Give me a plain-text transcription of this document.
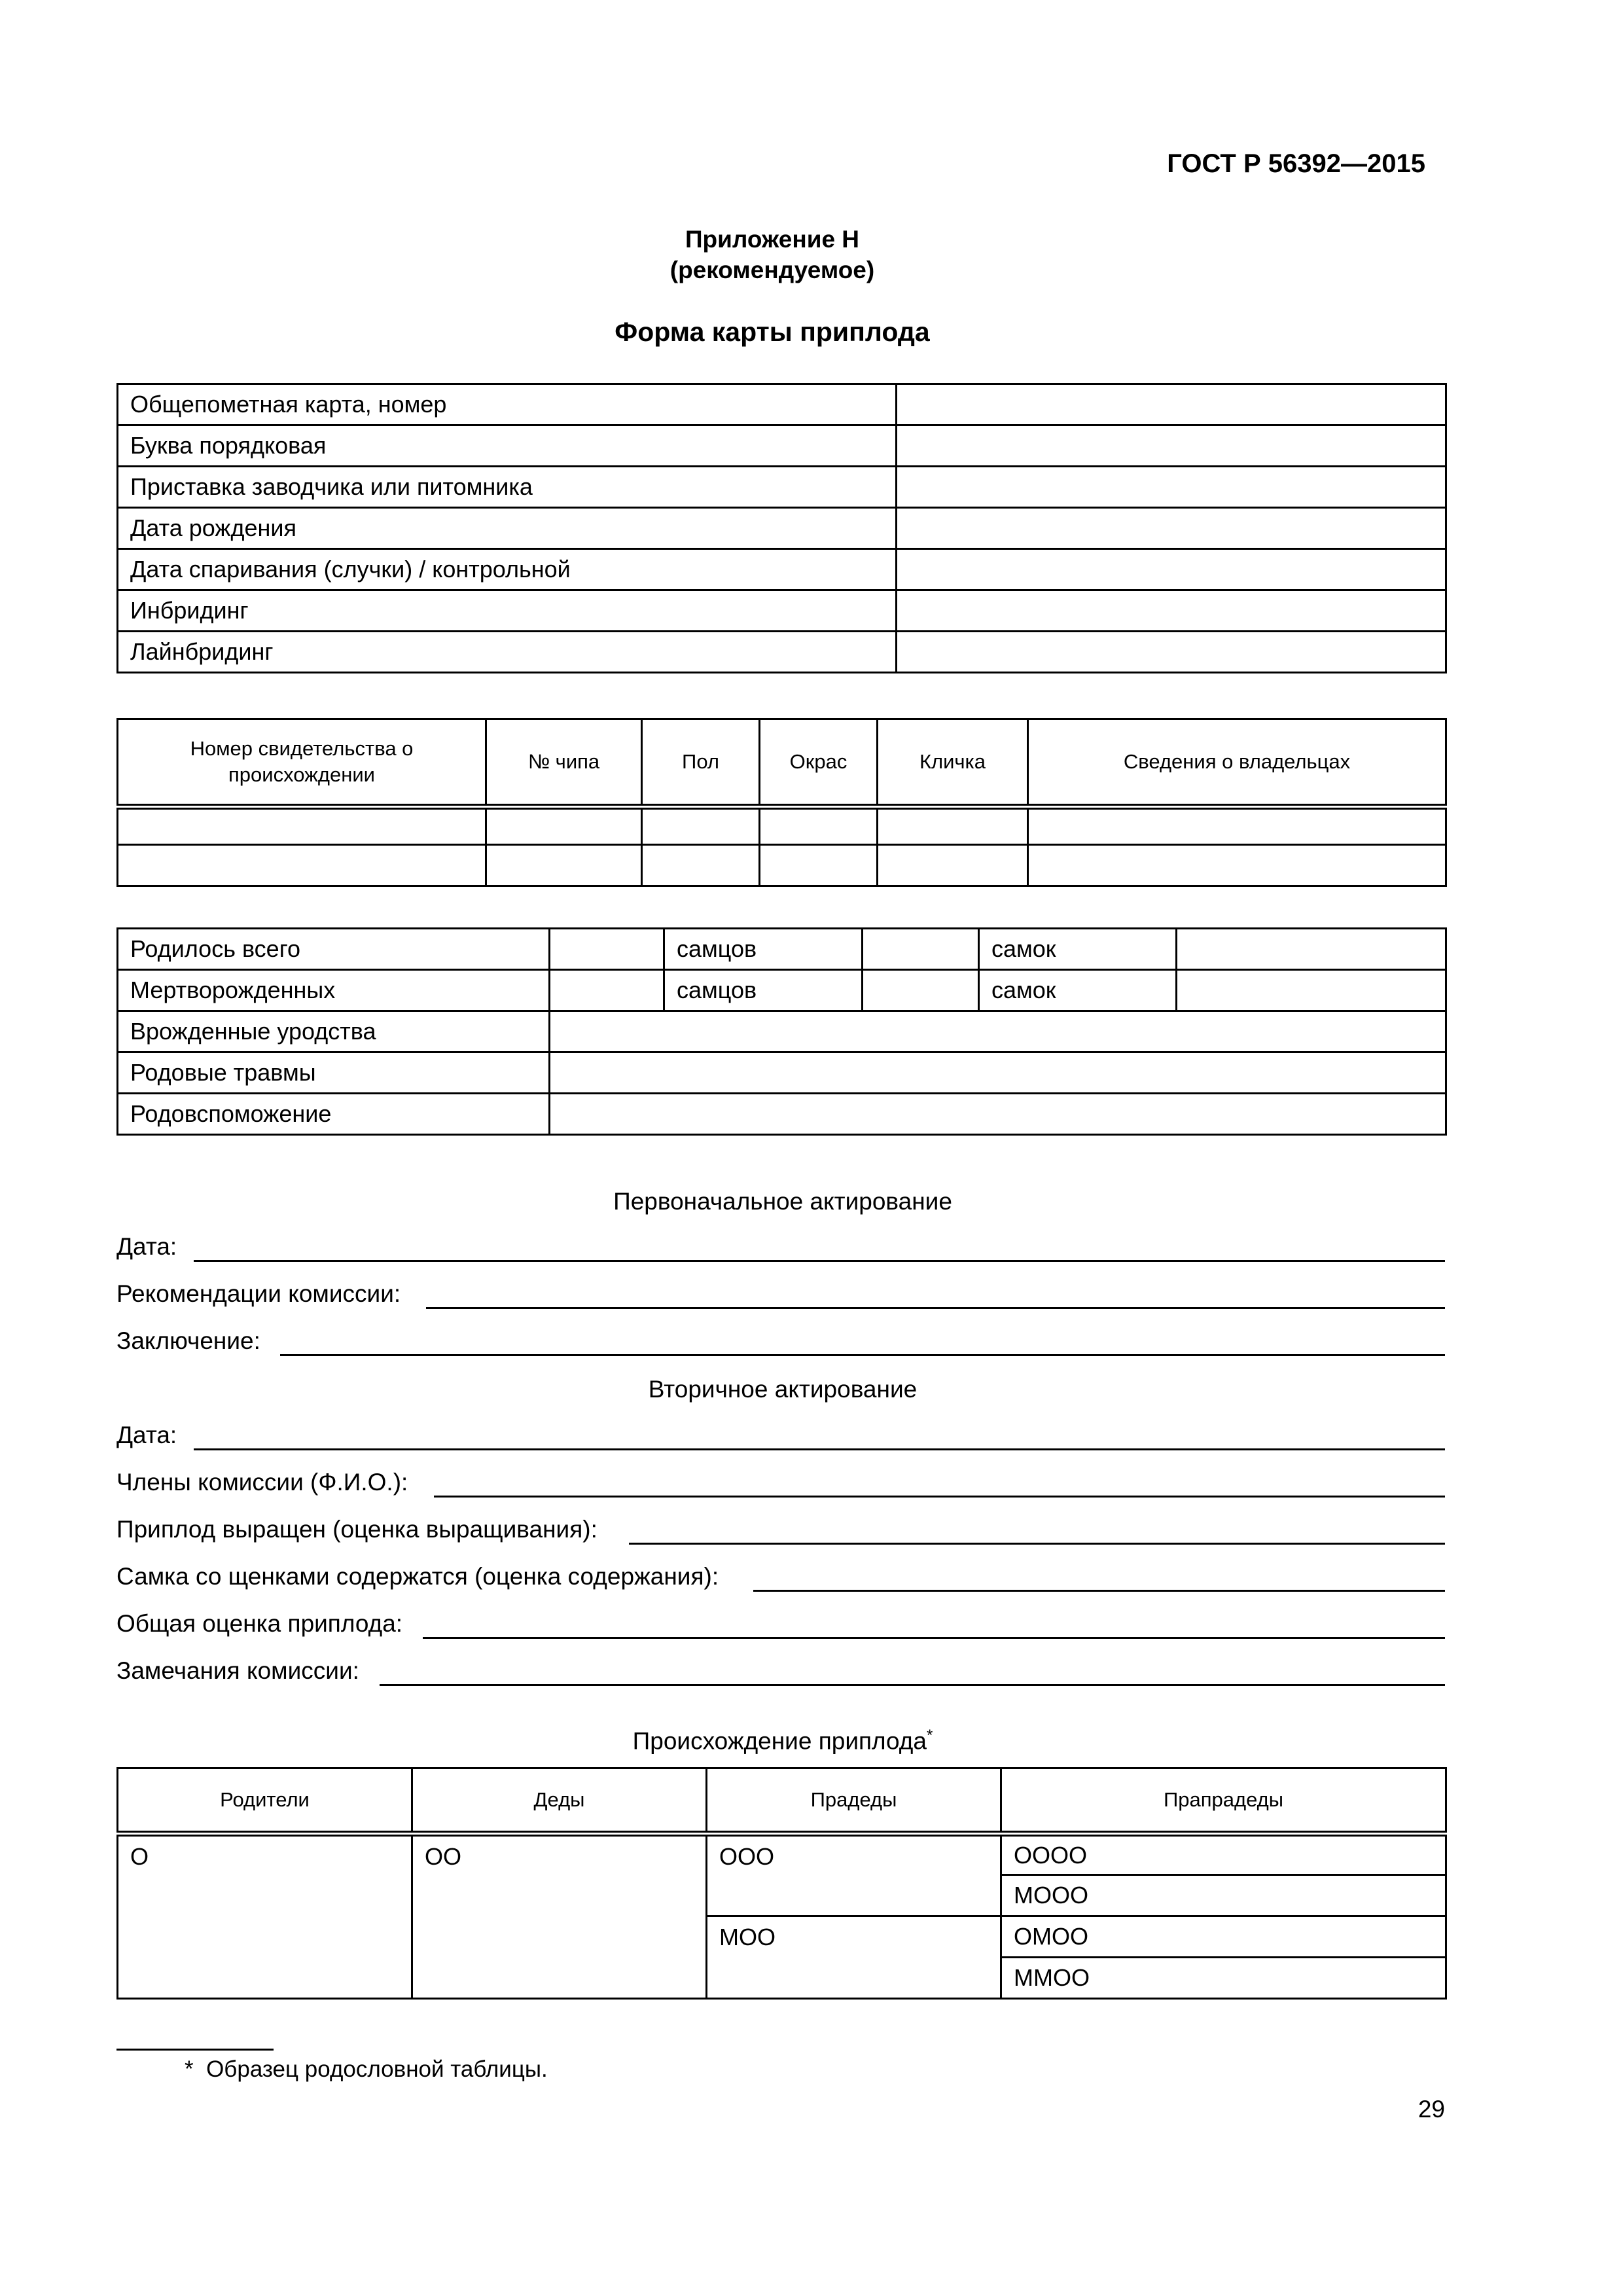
ГОСТ Р 56392—2015
Приложение Н
(рекомендуемое)
Форма карты приплода
Общепометная карта, номер	
Буква порядковая	
Приставка заводчика или питомника	
Дата рождения	
Дата спаривания (случки) / контрольной	
Инбридинг	
Лайнбридинг	
Номер свидетельства о происхождении	№ чипа	Пол	Окрас	Кличка	Сведения о владельцах

Родилось всего		самцов		самок	
Мертворожденных		самцов		самок	
Врожденные уродства					
Родовые травмы					
Родовспоможение					
Первоначальное актирование
Дата:
Рекомендации комиссии:
Заключение:
Вторичное актирование
Дата:
Члены комиссии (Ф.И.О.):
Приплод выращен (оценка выращивания):
Самка со щенками содержатся (оценка содержания):
Общая оценка приплода:
Замечания комиссии:
Происхождение приплода*
Родители	Деды	Прадеды	Прапрадеды
О	ОО	ООО	ОООО
			МООО
		МОО	ОМОО
			ММОО
* Образец родословной таблицы.
29
